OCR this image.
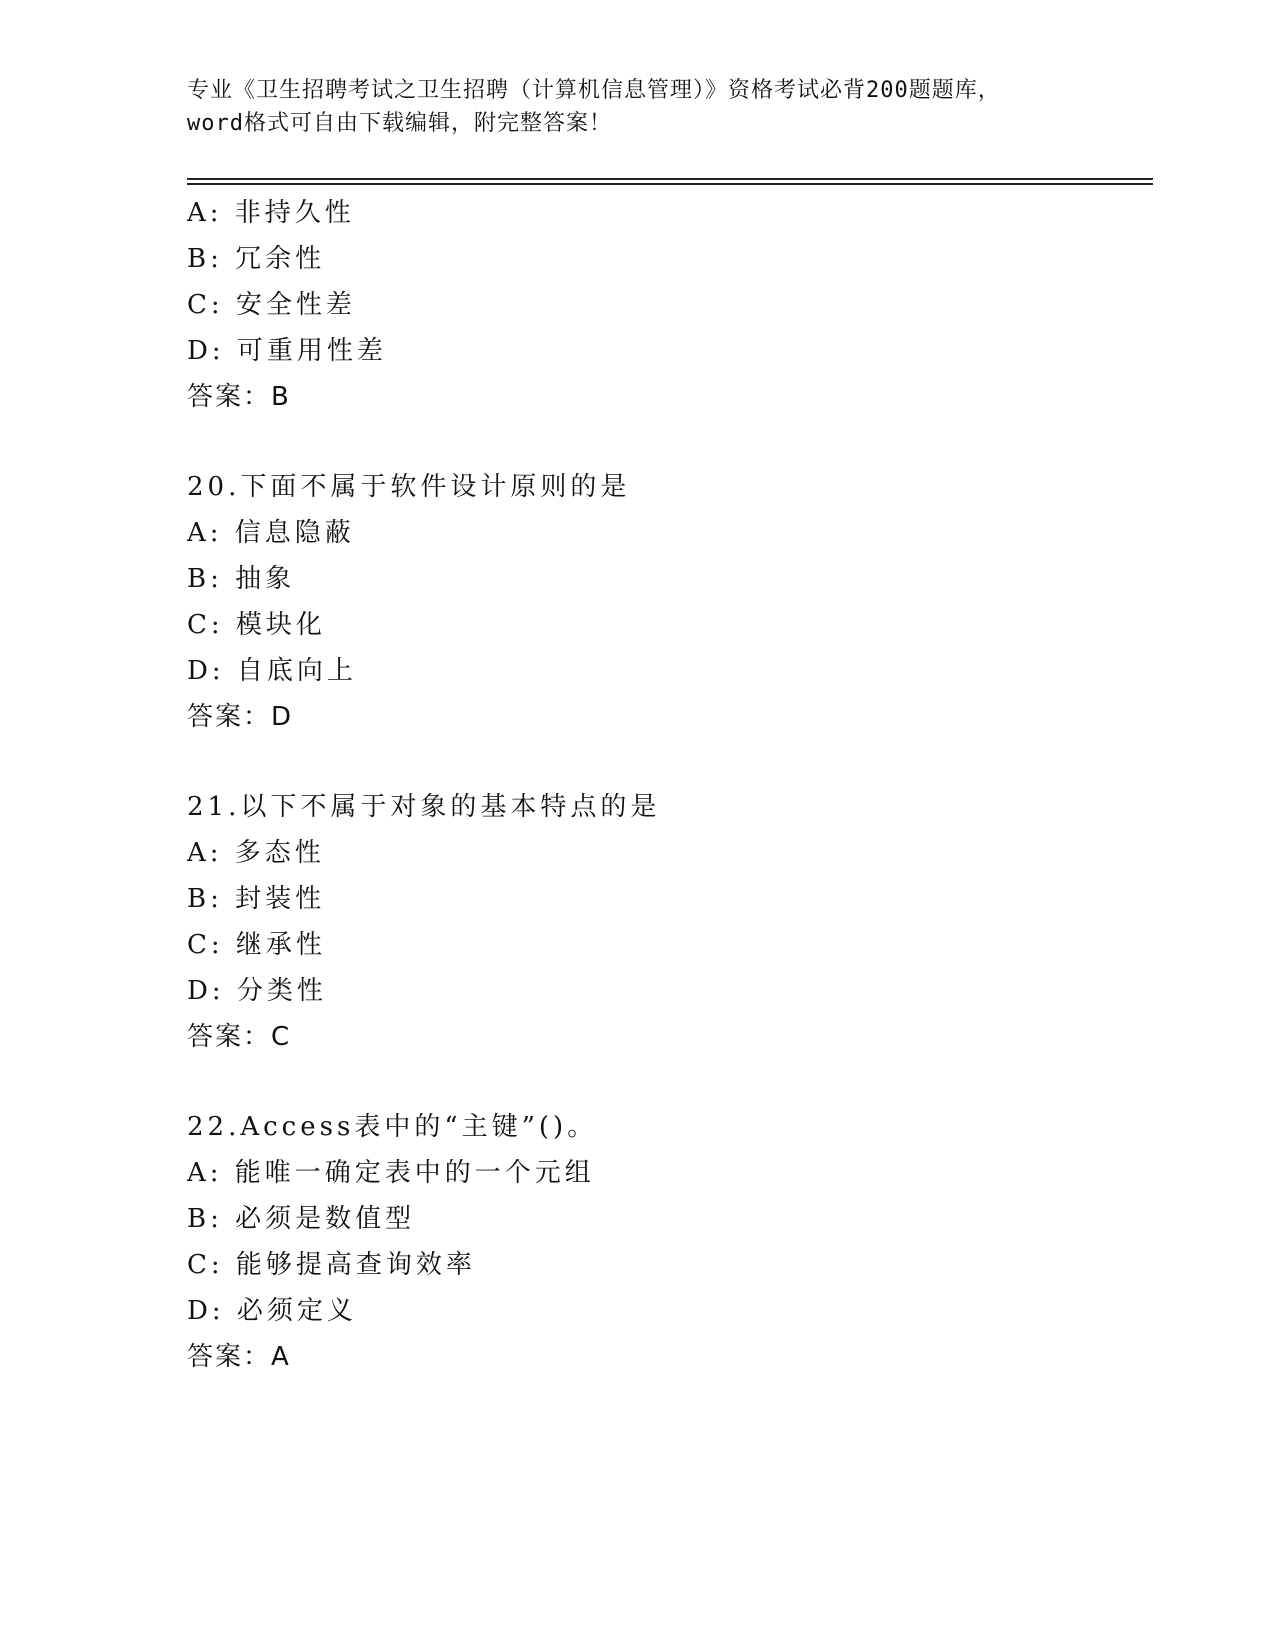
专业《卫生招聘考试之卫生招聘（计算机信息管理）》资格考试必背200题题库，
word格式可自由下载编辑，附完整答案！
A: 非持久性
B: 冗余性
C: 安全性差
D: 可重用性差
答案：B
20.下面不属于软件设计原则的是
A: 信息隐蔽
B: 抽象
C: 模块化
D: 自底向上
答案：D
21.以下不属于对象的基本特点的是
A: 多态性
B: 封装性
C: 继承性
D: 分类性
答案：C
22.Access表中的“主键”()。
A: 能唯一确定表中的一个元组
B: 必须是数值型
C: 能够提高查询效率
D: 必须定义
答案：A
